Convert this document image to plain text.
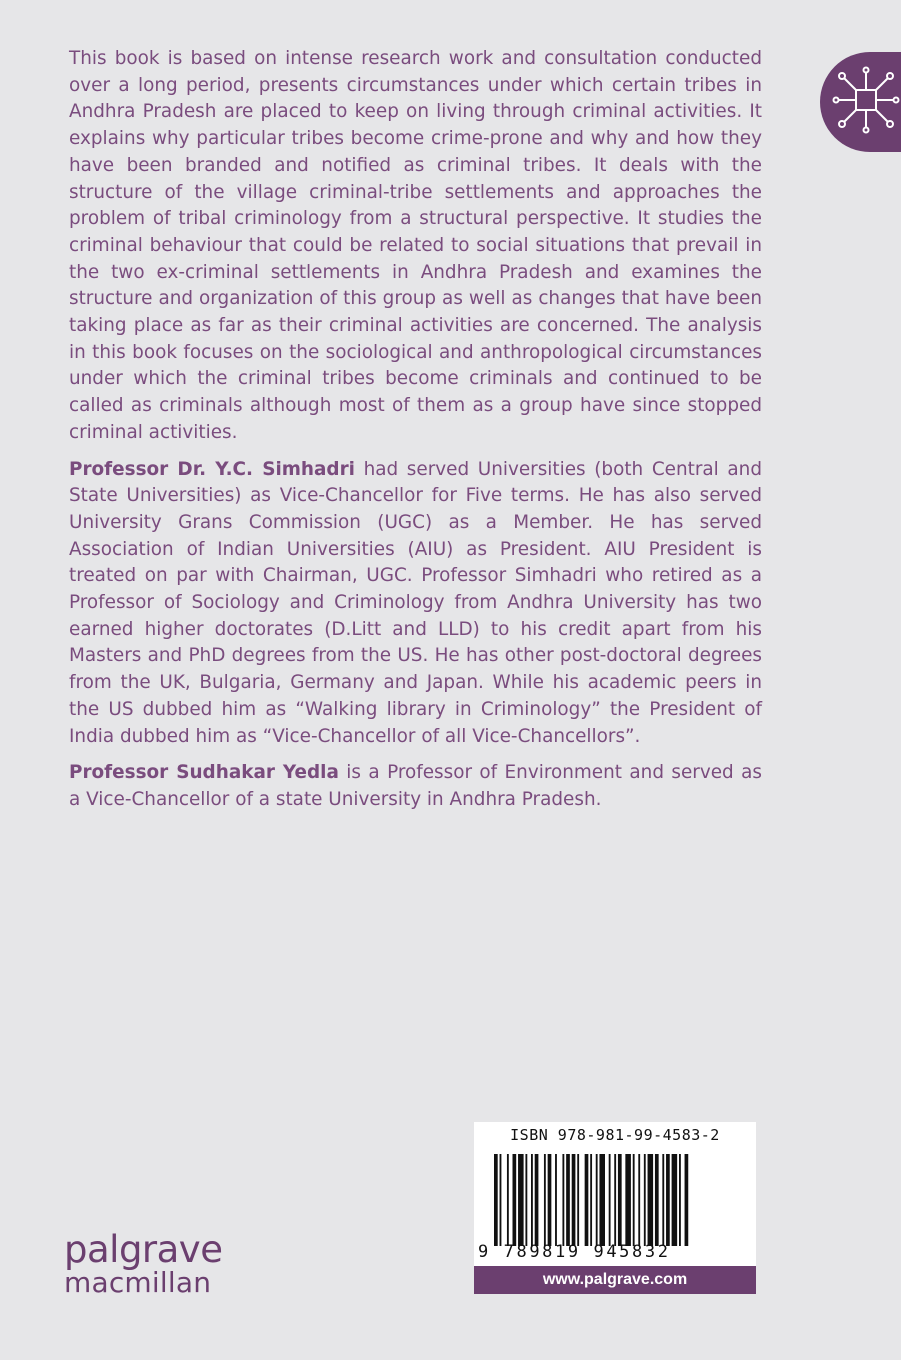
This book is based on intense research work and consultation conducted over a long period, presents circumstances under which certain tribes in Andhra Pradesh are placed to keep on living through criminal activities. It explains why particular tribes become crime-prone and why and how they have been branded and notified as criminal tribes. It deals with the structure of the village criminal-tribe settlements and approaches the problem of tribal criminology from a structural perspective. It studies the criminal behaviour that could be related to social situations that prevail in the two ex-criminal settlements in Andhra Pradesh and examines the structure and organization of this group as well as changes that have been taking place as far as their criminal activities are concerned. The analysis in this book focuses on the sociological and anthropological circumstances under which the criminal tribes become criminals and continued to be called as criminals although most of them as a group have since stopped criminal activities.

Professor Dr. Y.C. Simhadri had served Universities (both Central and State Universities) as Vice-Chancellor for Five terms. He has also served University Grans Commission (UGC) as a Member. He has served Association of Indian Universities (AIU) as President. AIU President is treated on par with Chairman, UGC. Professor Simhadri who retired as a Professor of Sociology and Criminology from Andhra University has two earned higher doctorates (D.Litt and LLD) to his credit apart from his Masters and PhD degrees from the US. He has other post-doctoral degrees from the UK, Bulgaria, Germany and Japan. While his academic peers in the US dubbed him as “Walking library in Criminology” the President of India dubbed him as “Vice-Chancellor of all Vice-Chancellors”.

Professor Sudhakar Yedla is a Professor of Environment and served as a Vice-Chancellor of a state University in Andhra Pradesh.

ISBN 978-981-99-4583-2
9 789819 945832
www.palgrave.com
palgrave
macmillan
